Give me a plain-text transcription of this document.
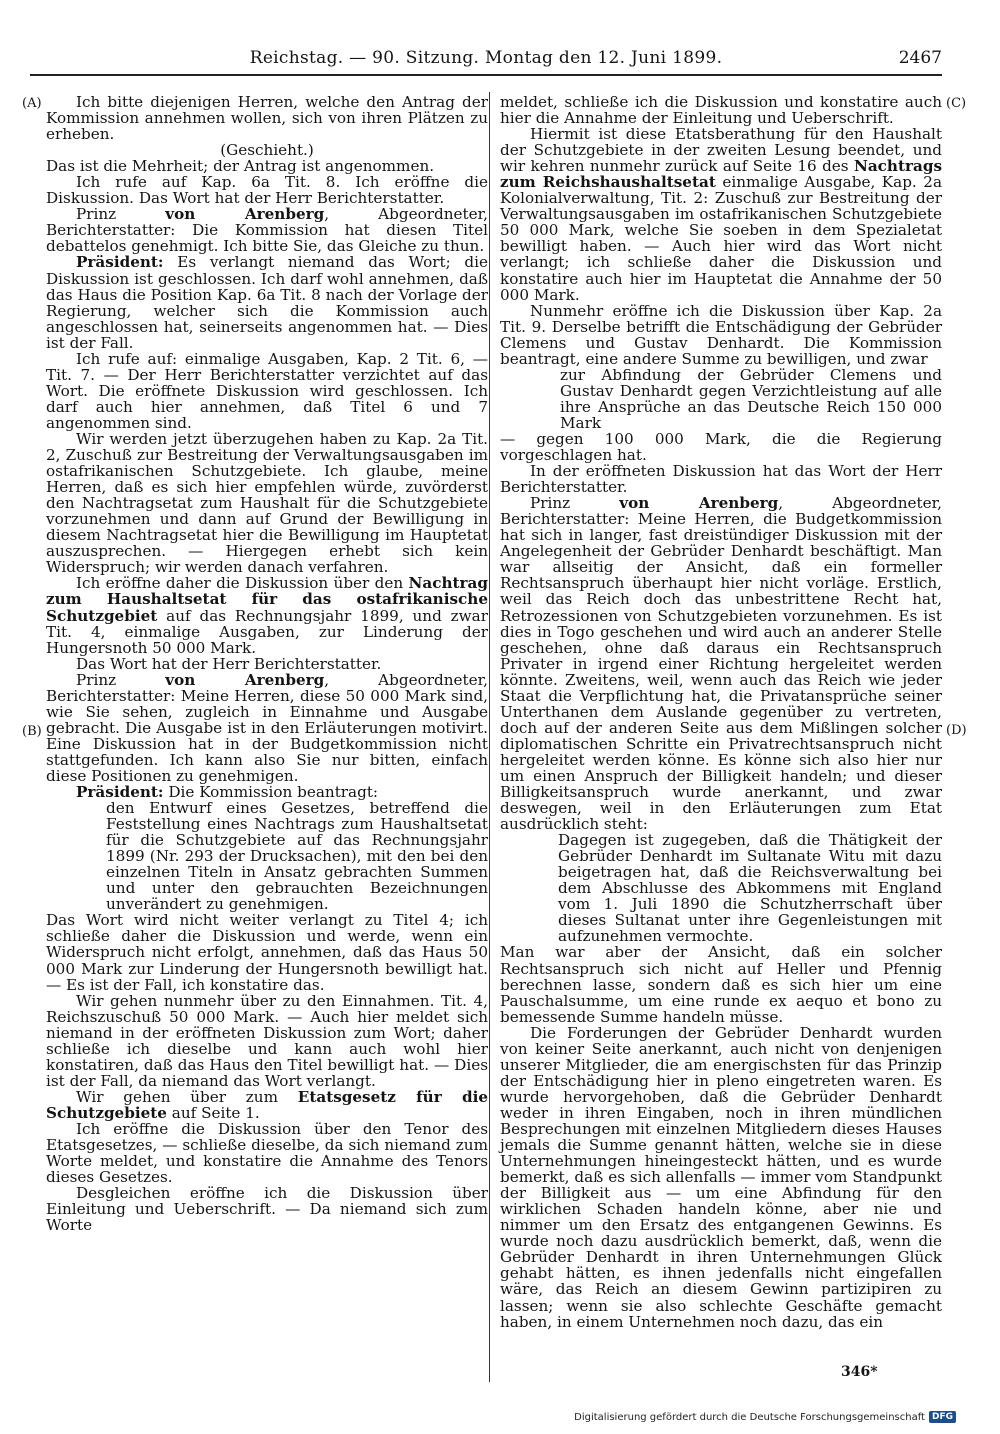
Reichstag. — 90. Sitzung. Montag den 12. Juni 1899.	2467
(A)
(B)
(C)
(D)

Ich bitte diejenigen Herren, welche den Antrag der Kommission annehmen wollen, sich von ihren Plätzen zu erheben.

(Geschieht.)

Das ist die Mehrheit; der Antrag ist angenommen.

Ich rufe auf Kap. 6a Tit. 8. Ich eröffne die Diskussion. Das Wort hat der Herr Berichterstatter.

Prinz von Arenberg, Abgeordneter, Berichterstatter: Die Kommission hat diesen Titel debattelos genehmigt. Ich bitte Sie, das Gleiche zu thun.

Präsident: Es verlangt niemand das Wort; die Diskussion ist geschlossen. Ich darf wohl annehmen, daß das Haus die Position Kap. 6a Tit. 8 nach der Vorlage der Regierung, welcher sich die Kommission auch angeschlossen hat, seinerseits angenommen hat. — Dies ist der Fall.

Ich rufe auf: einmalige Ausgaben, Kap. 2 Tit. 6, — Tit. 7. — Der Herr Berichterstatter verzichtet auf das Wort. Die eröffnete Diskussion wird geschlossen. Ich darf auch hier annehmen, daß Titel 6 und 7 angenommen sind.

Wir werden jetzt überzugehen haben zu Kap. 2a Tit. 2, Zuschuß zur Bestreitung der Verwaltungsausgaben im ostafrikanischen Schutzgebiete. Ich glaube, meine Herren, daß es sich hier empfehlen würde, zuvörderst den Nachtragsetat zum Haushalt für die Schutzgebiete vorzunehmen und dann auf Grund der Bewilligung in diesem Nachtragsetat hier die Bewilligung im Hauptetat auszusprechen. — Hiergegen erhebt sich kein Widerspruch; wir werden danach verfahren.

Ich eröffne daher die Diskussion über den Nachtrag zum Haushaltsetat für das ostafrikanische Schutzgebiet auf das Rechnungsjahr 1899, und zwar Tit. 4, einmalige Ausgaben, zur Linderung der Hungersnoth 50 000 Mark.

Das Wort hat der Herr Berichterstatter.

Prinz von Arenberg, Abgeordneter, Berichterstatter: Meine Herren, diese 50 000 Mark sind, wie Sie sehen, zugleich in Einnahme und Ausgabe gebracht. Die Ausgabe ist in den Erläuterungen motivirt. Eine Diskussion hat in der Budgetkommission nicht stattgefunden. Ich kann also Sie nur bitten, einfach diese Positionen zu genehmigen.

Präsident: Die Kommission beantragt:

den Entwurf eines Gesetzes, betreffend die Feststellung eines Nachtrags zum Haushaltsetat für die Schutzgebiete auf das Rechnungsjahr 1899 (Nr. 293 der Drucksachen), mit den bei den einzelnen Titeln in Ansatz gebrachten Summen und unter den gebrauchten Bezeichnungen unverändert zu genehmigen.

Das Wort wird nicht weiter verlangt zu Titel 4; ich schließe daher die Diskussion und werde, wenn ein Widerspruch nicht erfolgt, annehmen, daß das Haus 50 000 Mark zur Linderung der Hungersnoth bewilligt hat. — Es ist der Fall, ich konstatire das.

Wir gehen nunmehr über zu den Einnahmen. Tit. 4, Reichszuschuß 50 000 Mark. — Auch hier meldet sich niemand in der eröffneten Diskussion zum Wort; daher schließe ich dieselbe und kann auch wohl hier konstatiren, daß das Haus den Titel bewilligt hat. — Dies ist der Fall, da niemand das Wort verlangt.

Wir gehen über zum Etatsgesetz für die Schutzgebiete auf Seite 1.

Ich eröffne die Diskussion über den Tenor des Etatsgesetzes, — schließe dieselbe, da sich niemand zum Worte meldet, und konstatire die Annahme des Tenors dieses Gesetzes.

Desgleichen eröffne ich die Diskussion über Einleitung und Ueberschrift. — Da niemand sich zum Worte

meldet, schließe ich die Diskussion und konstatire auch hier die Annahme der Einleitung und Ueberschrift.

Hiermit ist diese Etatsberathung für den Haushalt der Schutzgebiete in der zweiten Lesung beendet, und wir kehren nunmehr zurück auf Seite 16 des Nachtrags zum Reichshaushaltsetat einmalige Ausgabe, Kap. 2a Kolonialverwaltung, Tit. 2: Zuschuß zur Bestreitung der Verwaltungsausgaben im ostafrikanischen Schutzgebiete 50 000 Mark, welche Sie soeben in dem Spezialetat bewilligt haben. — Auch hier wird das Wort nicht verlangt; ich schließe daher die Diskussion und konstatire auch hier im Hauptetat die Annahme der 50 000 Mark.

Nunmehr eröffne ich die Diskussion über Kap. 2a Tit. 9. Derselbe betrifft die Entschädigung der Gebrüder Clemens und Gustav Denhardt. Die Kommission beantragt, eine andere Summe zu bewilligen, und zwar

zur Abfindung der Gebrüder Clemens und Gustav Denhardt gegen Verzichtleistung auf alle ihre Ansprüche an das Deutsche Reich 150 000 Mark

— gegen 100 000 Mark, die die Regierung vorgeschlagen hat.

In der eröffneten Diskussion hat das Wort der Herr Berichterstatter.

Prinz von Arenberg, Abgeordneter, Berichterstatter: Meine Herren, die Budgetkommission hat sich in langer, fast dreistündiger Diskussion mit der Angelegenheit der Gebrüder Denhardt beschäftigt. Man war allseitig der Ansicht, daß ein formeller Rechtsanspruch überhaupt hier nicht vorläge. Erstlich, weil das Reich doch das unbestrittene Recht hat, Retrozessionen von Schutzgebieten vorzunehmen. Es ist dies in Togo geschehen und wird auch an anderer Stelle geschehen, ohne daß daraus ein Rechtsanspruch Privater in irgend einer Richtung hergeleitet werden könnte. Zweitens, weil, wenn auch das Reich wie jeder Staat die Verpflichtung hat, die Privatansprüche seiner Unterthanen dem Auslande gegenüber zu vertreten, doch auf der anderen Seite aus dem Mißlingen solcher diplomatischen Schritte ein Privatrechtsanspruch nicht hergeleitet werden könne. Es könne sich also hier nur um einen Anspruch der Billigkeit handeln; und dieser Billigkeitsanspruch wurde anerkannt, und zwar deswegen, weil in den Erläuterungen zum Etat ausdrücklich steht:

Dagegen ist zugegeben, daß die Thätigkeit der Gebrüder Denhardt im Sultanate Witu mit dazu beigetragen hat, daß die Reichsverwaltung bei dem Abschlusse des Abkommens mit England vom 1. Juli 1890 die Schutzherrschaft über dieses Sultanat unter ihre Gegenleistungen mit aufzunehmen vermochte.

Man war aber der Ansicht, daß ein solcher Rechtsanspruch sich nicht auf Heller und Pfennig berechnen lasse, sondern daß es sich hier um eine Pauschalsumme, um eine runde ex aequo et bono zu bemessende Summe handeln müsse.

Die Forderungen der Gebrüder Denhardt wurden von keiner Seite anerkannt, auch nicht von denjenigen unserer Mitglieder, die am energischsten für das Prinzip der Entschädigung hier in pleno eingetreten waren. Es wurde hervorgehoben, daß die Gebrüder Denhardt weder in ihren Eingaben, noch in ihren mündlichen Besprechungen mit einzelnen Mitgliedern dieses Hauses jemals die Summe genannt hätten, welche sie in diese Unternehmungen hineingesteckt hätten, und es wurde bemerkt, daß es sich allenfalls — immer vom Standpunkt der Billigkeit aus — um eine Abfindung für den wirklichen Schaden handeln könne, aber nie und nimmer um den Ersatz des entgangenen Gewinns. Es wurde noch dazu ausdrücklich bemerkt, daß, wenn die Gebrüder Denhardt in ihren Unternehmungen Glück gehabt hätten, es ihnen jedenfalls nicht eingefallen wäre, das Reich an diesem Gewinn partizipiren zu lassen; wenn sie also schlechte Geschäfte gemacht haben, in einem Unternehmen noch dazu, das ein

346*
Digitalisierung gefördert durch die Deutsche Forschungsgemeinschaft DFG
